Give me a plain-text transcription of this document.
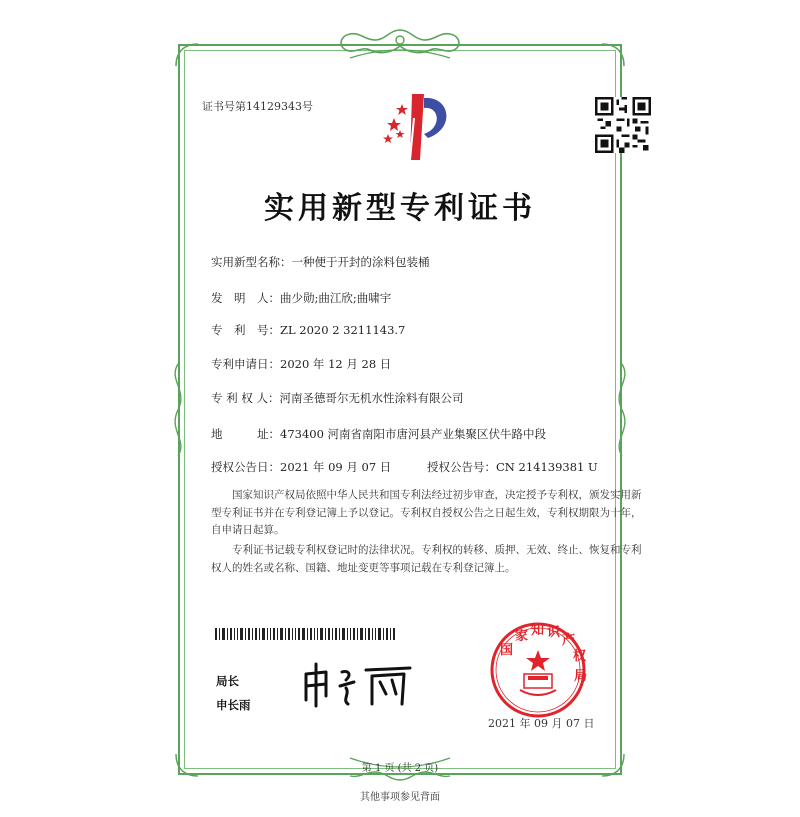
证书号第14129343号
实用新型专利证书
实用新型名称：一种便于开封的涂料包装桶
发　明　人：曲少勋;曲江欣;曲啸宇
专　利　号：ZL 2020 2 3211143.7
专利申请日：2020 年 12 月 28 日
专 利 权 人：河南圣德哥尔无机水性涂料有限公司
地　　　址：473400 河南省南阳市唐河县产业集聚区伏牛路中段
授权公告日：2021 年 09 月 07 日	授权公告号：CN 214139381 U
国家知识产权局依照中华人民共和国专利法经过初步审查，决定授予专利权，颁发实用新型专利证书并在专利登记簿上予以登记。专利权自授权公告之日起生效，专利权期限为十年，自申请日起算。
专利证书记载专利权登记时的法律状况。专利权的转移、质押、无效、终止、恢复和专利权人的姓名或名称、国籍、地址变更等事项记载在专利登记簿上。
局长
申长雨
国
家 知 识
产
权
局
2021 年 09 月 07 日
第 1 页 (共 2 页)
其他事项参见背面
